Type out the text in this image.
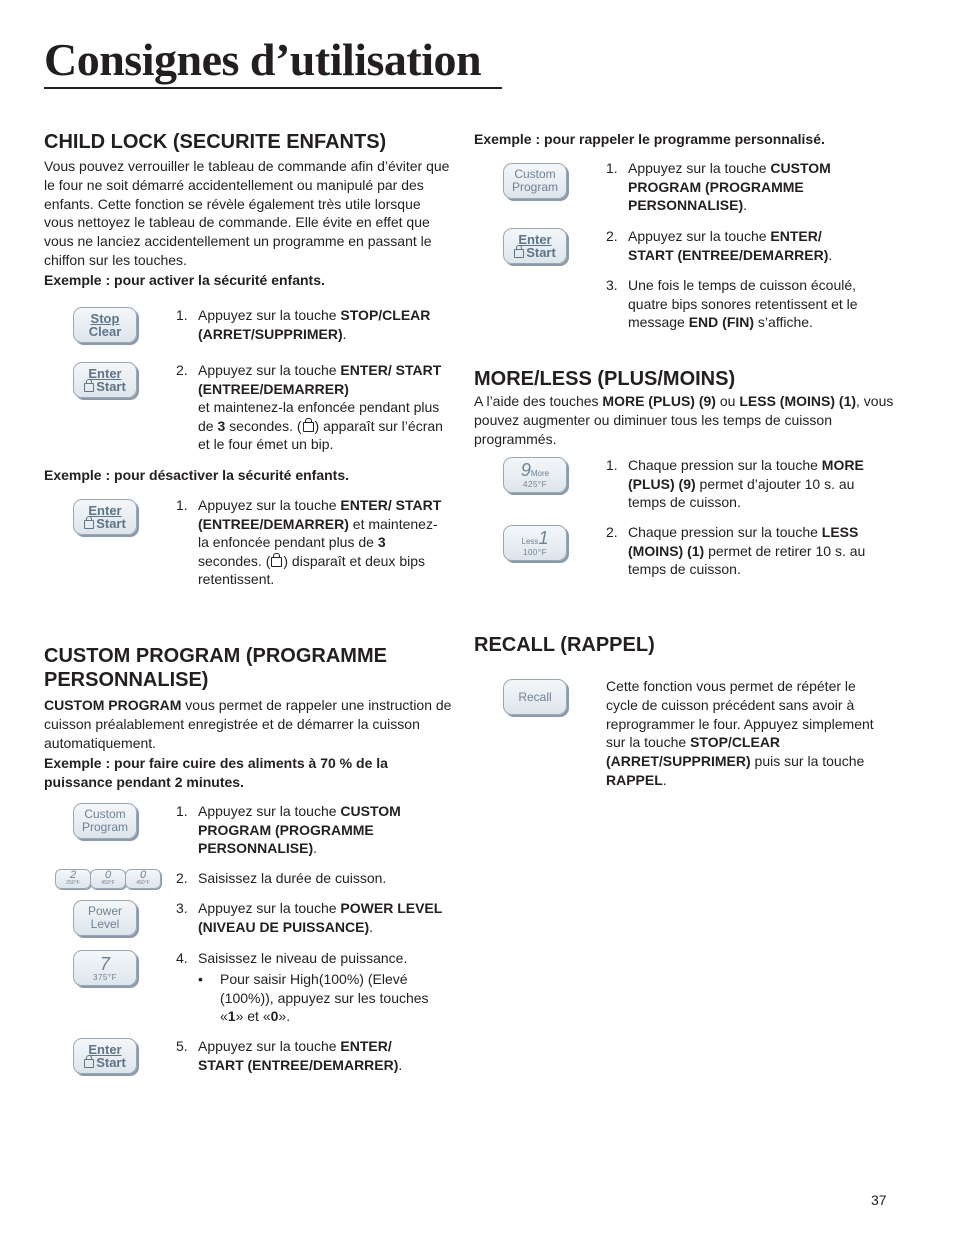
Consignes d’utilisation
CHILD LOCK (SECURITE ENFANTS)

Vous pouvez verrouiller le tableau de commande afin d’éviter que le four ne soit démarré accidentellement ou manipulé par des enfants. Cette fonction se révèle également très utile lorsque vous nettoyez le tableau de commande. Elle évite en effet que vous ne lanciez accidentellement un programme en passant le chiffon sur les touches.

Exemple : pour activer la sécurité enfants.

Stop
Clear
1. Appuyez sur la touche STOP/CLEAR (ARRET/SUPPRIMER).
Enter
Start
2. Appuyez sur la touche ENTER/ START (ENTREE/DEMARRER)
et maintenez-la enfoncée pendant plus de 3 secondes. ( ) apparaît sur l’écran et le four émet un bip.

Exemple : pour désactiver la sécurité enfants.

Enter
Start
1. Appuyez sur la touche ENTER/ START (ENTREE/DEMARRER) et maintenez-la enfoncée pendant plus de 3 secondes. ( ) disparaît et deux bips retentissent.
CUSTOM PROGRAM (PROGRAMME
PERSONNALISE)

CUSTOM PROGRAM vous permet de rappeler une instruction de cuisson préalablement enregistrée et de démarrer la cuisson automatiquement.

Exemple : pour faire cuire des aliments à 70 % de la puissance pendant 2 minutes.

Custom
Program
1. Appuyez sur la touche CUSTOM PROGRAM (PROGRAMME PERSONNALISE).
2
250°F
0
450°F
0
450°F	2. Saisissez la durée de cuisson.
Power
Level
3. Appuyez sur la touche POWER LEVEL (NIVEAU DE PUISSANCE).
7
375°F
4. Saisissez le niveau de puissance.
• Pour saisir High(100%) (Elevé (100%)), appuyez sur les touches «1» et «0».
Enter
Start
5. Appuyez sur la touche ENTER/ START (ENTREE/DEMARRER).

Exemple : pour rappeler le programme personnalisé.

Custom
Program
1. Appuyez sur la touche CUSTOM PROGRAM (PROGRAMME PERSONNALISE).
Enter
Start
2. Appuyez sur la touche ENTER/ START (ENTREE/DEMARRER).
3. Une fois le temps de cuisson écoulé, quatre bips sonores retentissent et le message END (FIN) s’affiche.
MORE/LESS (PLUS/MOINS)

A l’aide des touches MORE (PLUS) (9) ou LESS (MOINS) (1), vous pouvez augmenter ou diminuer tous les temps de cuisson programmés.

9More
425°F
1. Chaque pression sur la touche MORE (PLUS) (9) permet d’ajouter 10 s. au temps de cuisson.
Less1
100°F
2. Chaque pression sur la touche LESS (MOINS) (1) permet de retirer 10 s. au temps de cuisson.
RECALL (RAPPEL)
Recall

Cette fonction vous permet de répéter le cycle de cuisson précédent sans avoir à reprogrammer le four. Appuyez simplement sur la touche STOP/CLEAR (ARRET/SUPPRIMER) puis sur la touche RAPPEL.

37
